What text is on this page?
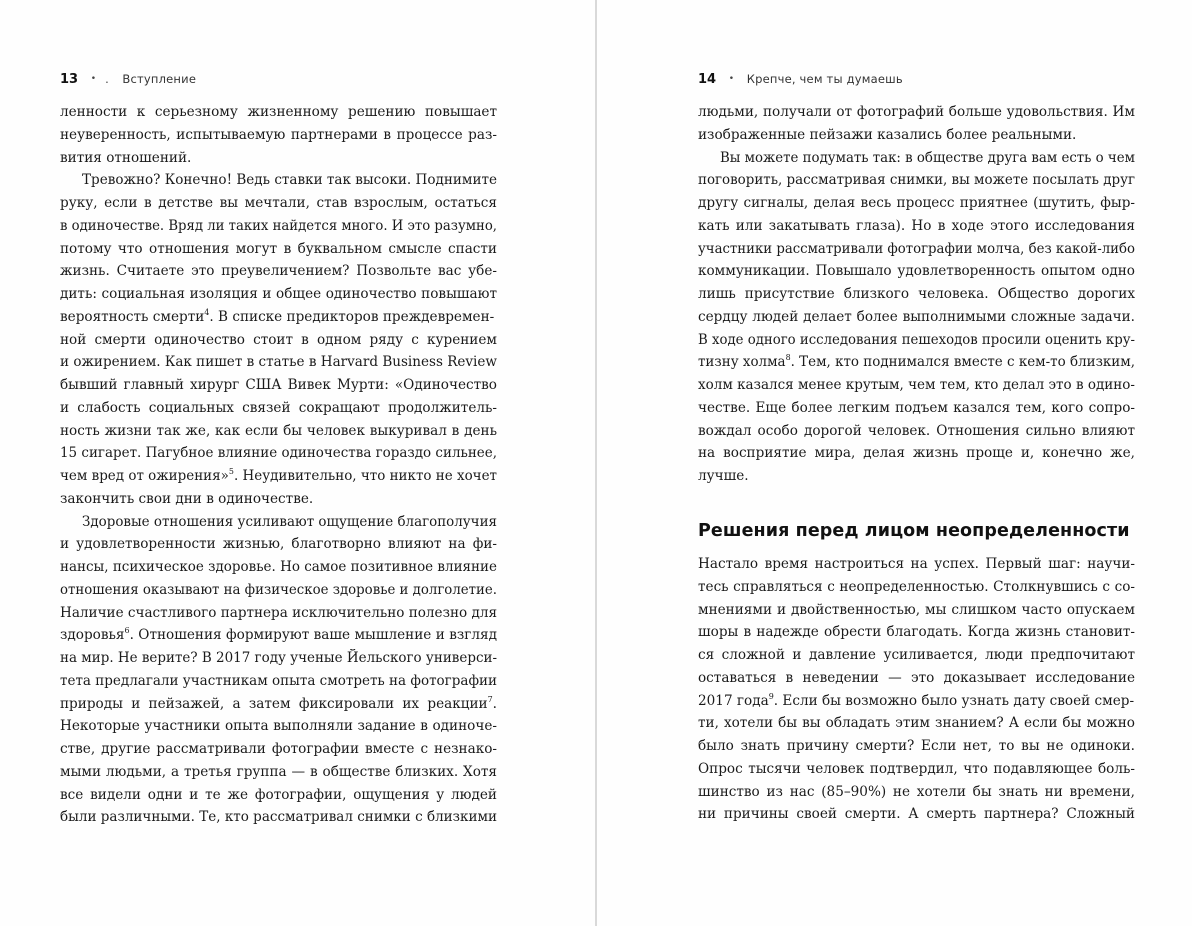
13 • . Вступление
ленности к серьезному жизненному решению повышает
неуверенность, испытываемую партнерами в процессе раз-
вития отношений.
Тревожно? Конечно! Ведь ставки так высоки. Поднимите
руку, если в детстве вы мечтали, став взрослым, остаться
в одиночестве. Вряд ли таких найдется много. И это разумно,
потому что отношения могут в буквальном смысле спасти
жизнь. Считаете это преувеличением? Позвольте вас убе-
дить: социальная изоляция и общее одиночество повышают
вероятность смерти$^4$. В списке предикторов преждевремен-
ной смерти одиночество стоит в одном ряду с курением
и ожирением. Как пишет в статье в Harvard Business Review
бывший главный хирург США Вивек Мурти: «Одиночество
и слабость социальных связей сокращают продолжитель-
ность жизни так же, как если бы человек выкуривал в день
15 сигарет. Пагубное влияние одиночества гораздо сильнее,
чем вред от ожирения»$^5$. Неудивительно, что никто не хочет
закончить свои дни в одиночестве.
Здоровые отношения усиливают ощущение благополучия
и удовлетворенности жизнью, благотворно влияют на фи-
нансы, психическое здоровье. Но самое позитивное влияние
отношения оказывают на физическое здоровье и долголетие.
Наличие счастливого партнера исключительно полезно для
здоровья$^6$. Отношения формируют ваше мышление и взгляд
на мир. Не верите? В 2017 году ученые Йельского универси-
тета предлагали участникам опыта смотреть на фотографии
природы и пейзажей, а затем фиксировали их реакции$^7$.
Некоторые участники опыта выполняли задание в одиноче-
стве, другие рассматривали фотографии вместе с незнако-
мыми людьми, а третья группа — в обществе близких. Хотя
все видели одни и те же фотографии, ощущения у людей
были различными. Те, кто рассматривал снимки с близкими
14 • Крепче, чем ты думаешь
людьми, получали от фотографий больше удовольствия. Им
изображенные пейзажи казались более реальными.
Вы можете подумать так: в обществе друга вам есть о чем
поговорить, рассматривая снимки, вы можете посылать друг
другу сигналы, делая весь процесс приятнее (шутить, фыр-
кать или закатывать глаза). Но в ходе этого исследования
участники рассматривали фотографии молча, без какой-либо
коммуникации. Повышало удовлетворенность опытом одно
лишь присутствие близкого человека. Общество дорогих
сердцу людей делает более выполнимыми сложные задачи.
В ходе одного исследования пешеходов просили оценить кру-
тизну холма$^8$. Тем, кто поднимался вместе с кем-то близким,
холм казался менее крутым, чем тем, кто делал это в одино-
честве. Еще более легким подъем казался тем, кого сопро-
вождал особо дорогой человек. Отношения сильно влияют
на восприятие мира, делая жизнь проще и, конечно же,
лучше.
Решения перед лицом неопределенности
Настало время настроиться на успех. Первый шаг: научи-
тесь справляться с неопределенностью. Столкнувшись с со-
мнениями и двойственностью, мы слишком часто опускаем
шоры в надежде обрести благодать. Когда жизнь становит-
ся сложной и давление усиливается, люди предпочитают
оставаться в неведении — это доказывает исследование
2017 года$^9$. Если бы возможно было узнать дату своей смер-
ти, хотели бы вы обладать этим знанием? А если бы можно
было знать причину смерти? Если нет, то вы не одиноки.
Опрос тысячи человек подтвердил, что подавляющее боль-
шинство из нас (85–90%) не хотели бы знать ни времени,
ни причины своей смерти. А смерть партнера? Сложный
